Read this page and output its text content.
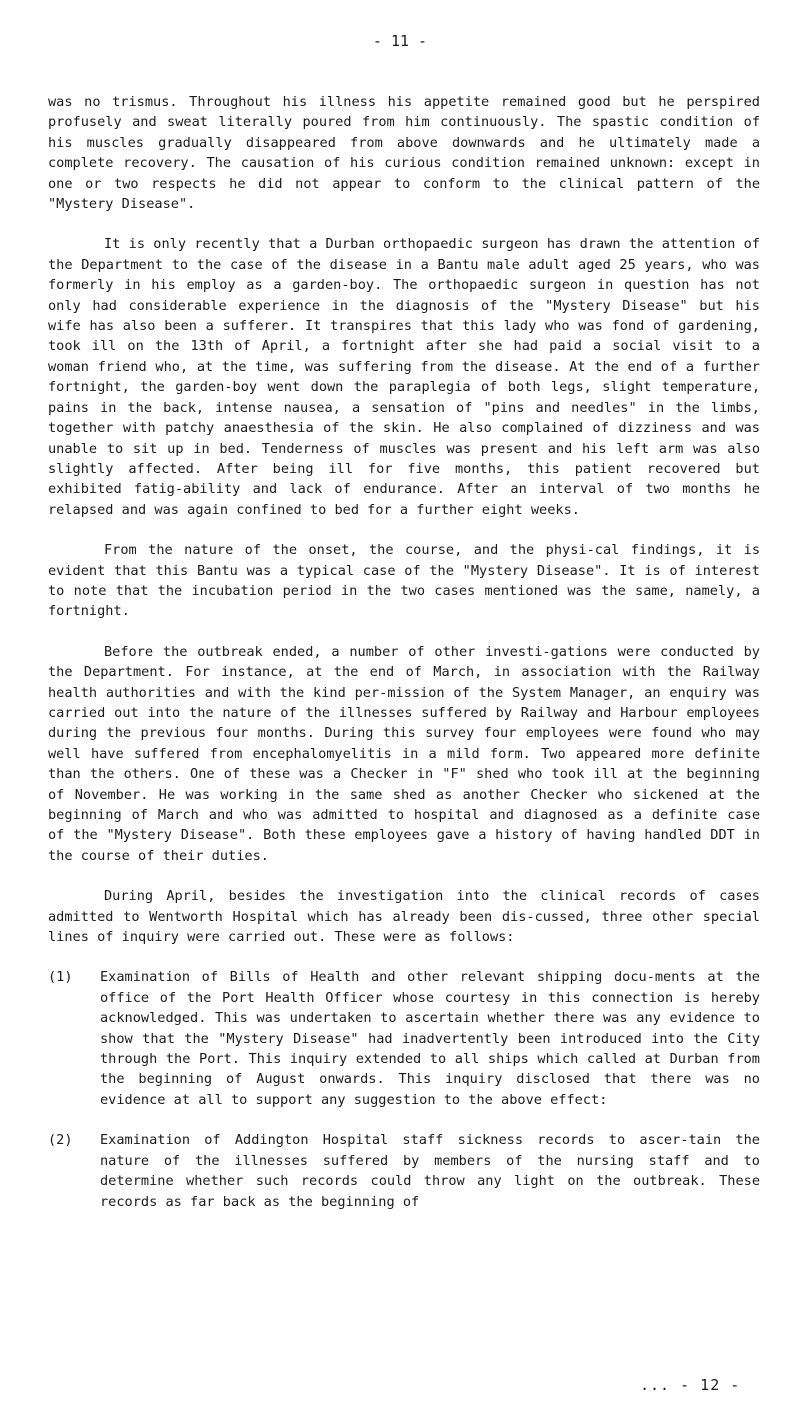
- 11 -

was no trismus. Throughout his illness his appetite remained good but he perspired profusely and sweat literally poured from him continuously. The spastic condition of his muscles gradually disappeared from above downwards and he ultimately made a complete recovery. The causation of his curious condition remained unknown: except in one or two respects he did not appear to conform to the clinical pattern of the "Mystery Disease".

It is only recently that a Durban orthopaedic surgeon has drawn the attention of the Department to the case of the disease in a Bantu male adult aged 25 years, who was formerly in his employ as a garden-boy. The orthopaedic surgeon in question has not only had considerable experience in the diagnosis of the "Mystery Disease" but his wife has also been a sufferer. It transpires that this lady who was fond of gardening, took ill on the 13th of April, a fortnight after she had paid a social visit to a woman friend who, at the time, was suffering from the disease. At the end of a further fortnight, the garden-boy went down the paraplegia of both legs, slight temperature, pains in the back, intense nausea, a sensation of "pins and needles" in the limbs, together with patchy anaesthesia of the skin. He also complained of dizziness and was unable to sit up in bed. Tenderness of muscles was present and his left arm was also slightly affected. After being ill for five months, this patient recovered but exhibited fatig-ability and lack of endurance. After an interval of two months he relapsed and was again confined to bed for a further eight weeks.

From the nature of the onset, the course, and the physi-cal findings, it is evident that this Bantu was a typical case of the "Mystery Disease". It is of interest to note that the incubation period in the two cases mentioned was the same, namely, a fortnight.

Before the outbreak ended, a number of other investi-gations were conducted by the Department. For instance, at the end of March, in association with the Railway health authorities and with the kind per-mission of the System Manager, an enquiry was carried out into the nature of the illnesses suffered by Railway and Harbour employees during the previous four months. During this survey four employees were found who may well have suffered from encephalomyelitis in a mild form. Two appeared more definite than the others. One of these was a Checker in "F" shed who took ill at the beginning of November. He was working in the same shed as another Checker who sickened at the beginning of March and who was admitted to hospital and diagnosed as a definite case of the "Mystery Disease". Both these employees gave a history of having handled DDT in the course of their duties.

During April, besides the investigation into the clinical records of cases admitted to Wentworth Hospital which has already been dis-cussed, three other special lines of inquiry were carried out. These were as follows:

(1) Examination of Bills of Health and other relevant shipping docu-ments at the office of the Port Health Officer whose courtesy in this connection is hereby acknowledged. This was undertaken to ascertain whether there was any evidence to show that the "Mystery Disease" had inadvertently been introduced into the City through the Port. This inquiry extended to all ships which called at Durban from the beginning of August onwards. This inquiry disclosed that there was no evidence at all to support any suggestion to the above effect:

(2) Examination of Addington Hospital staff sickness records to ascer-tain the nature of the illnesses suffered by members of the nursing staff and to determine whether such records could throw any light on the outbreak. These records as far back as the beginning of

... - 12 -
